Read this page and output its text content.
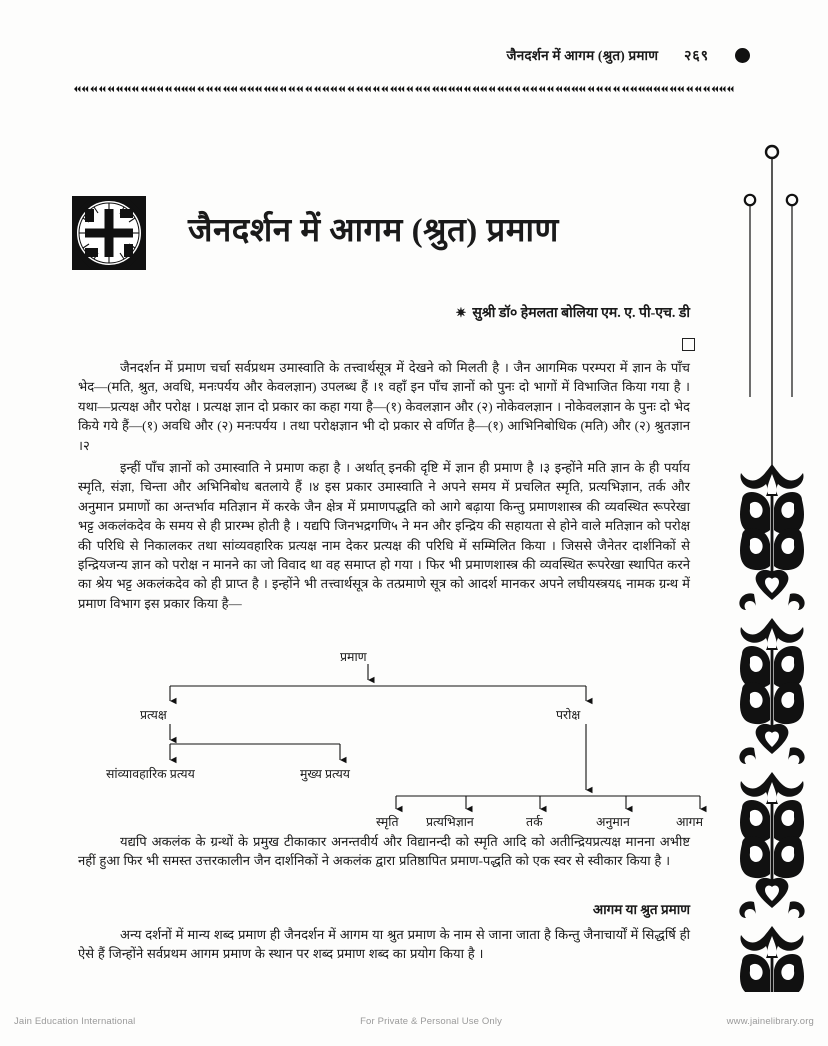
जैनदर्शन में आगम (श्रुत) प्रमाण २६९
जैनदर्शन में आगम (श्रुत) प्रमाण
✷ सुश्री डॉ० हेमलता बोलिया एम. ए. पी-एच. डी

जैनदर्शन में प्रमाण चर्चा सर्वप्रथम उमास्वाति के तत्त्वार्थसूत्र में देखने को मिलती है । जैन आगमिक परम्परा में ज्ञान के पाँच भेद—(मति, श्रुत, अवधि, मनःपर्यय और केवलज्ञान) उपलब्ध हैं ।१ वहाँ इन पाँच ज्ञानों को पुनः दो भागों में विभाजित किया गया है । यथा—प्रत्यक्ष और परोक्ष । प्रत्यक्ष ज्ञान दो प्रकार का कहा गया है—(१) केवलज्ञान और (२) नोकेवलज्ञान । नोकेवलज्ञान के पुनः दो भेद किये गये हैं—(१) अवधि और (२) मनःपर्यय । तथा परोक्षज्ञान भी दो प्रकार से वर्णित है—(१) आभिनिबोधिक (मति) और (२) श्रुतज्ञान ।२

इन्हीं पाँच ज्ञानों को उमास्वाति ने प्रमाण कहा है । अर्थात् इनकी दृष्टि में ज्ञान ही प्रमाण है ।३ इन्होंने मति ज्ञान के ही पर्याय स्मृति, संज्ञा, चिन्ता और अभिनिबोध बतलाये हैं ।४ इस प्रकार उमास्वाति ने अपने समय में प्रचलित स्मृति, प्रत्यभिज्ञान, तर्क और अनुमान प्रमाणों का अन्तर्भाव मतिज्ञान में करके जैन क्षेत्र में प्रमाणपद्धति को आगे बढ़ाया किन्तु प्रमाणशास्त्र की व्यवस्थित रूपरेखा भट्ट अकलंकदेव के समय से ही प्रारम्भ होती है । यद्यपि जिनभद्रगणि५ ने मन और इन्द्रिय की सहायता से होने वाले मतिज्ञान को परोक्ष की परिधि से निकालकर तथा सांव्यवहारिक प्रत्यक्ष नाम देकर प्रत्यक्ष की परिधि में सम्मिलित किया । जिससे जैनेतर दार्शनिकों से इन्द्रियजन्य ज्ञान को परोक्ष न मानने का जो विवाद था वह समाप्त हो गया । फिर भी प्रमाणशास्त्र की व्यवस्थित रूपरेखा स्थापित करने का श्रेय भट्ट अकलंकदेव को ही प्राप्त है । इन्होंने भी तत्त्वार्थसूत्र के तत्प्रमाणे सूत्र को आदर्श मानकर अपने लघीयस्त्रय६ नामक ग्रन्थ में प्रमाण विभाग इस प्रकार किया है—

प्रमाण
प्रत्यक्ष	परोक्ष
सांव्यावहारिक प्रत्यय	मुख्य प्रत्यय
स्मृति प्रत्यभिज्ञान	तर्क	अनुमान	आगम

यद्यपि अकलंक के ग्रन्थों के प्रमुख टीकाकार अनन्तवीर्य और विद्यानन्दी को स्मृति आदि को अतीन्द्रियप्रत्यक्ष मानना अभीष्ट नहीं हुआ फिर भी समस्त उत्तरकालीन जैन दार्शनिकों ने अकलंक द्वारा प्रतिष्ठापित प्रमाण-पद्धति को एक स्वर से स्वीकार किया है ।

आगम या श्रुत प्रमाण

अन्य दर्शनों में मान्य शब्द प्रमाण ही जैनदर्शन में आगम या श्रुत प्रमाण के नाम से जाना जाता है किन्तु जैनाचार्यों में सिद्धर्षि ही ऐसे हैं जिन्होंने सर्वप्रथम आगम प्रमाण के स्थान पर शब्द प्रमाण शब्द का प्रयोग किया है ।

Jain Education International	For Private & Personal Use Only	www.jainelibrary.org
